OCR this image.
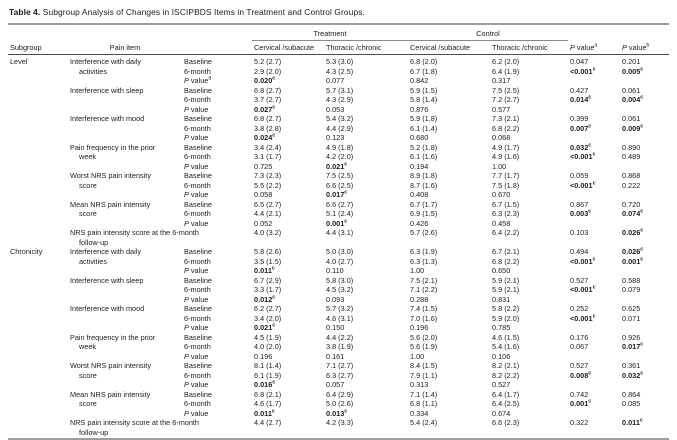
Table 4. Subgroup Analysis of Changes in ISCIPBDS Items in Treatment and Control Groups.
			Treatment		Control			
Subgroup	Pain item		Cervical /subacute	Thoracic /chronic	Cervical /subacute	Thoracic /chronic	P value$^a$	P value$^b$
Level	Interference with daily activities	Baseline	5.2 (2.7)	5.3 (3.0)	6.8 (2.0)	6.2 (2.0)	0.047	0.201
		6-month	2.9 (2.0)	4.3 (2.5)	6.7 (1.8)	6.4 (1.9)	<0.001$^c$	0.005$^c$
		P value$^d$	0.020$^c$	0.077	0.842	0.317		

	Interference with sleep	Baseline	6.8 (2.7)	5.7 (3.1)	5.9 (1.5)	7.5 (2.5)	0.427	0.061
		6-month	3.7 (2.7)	4.3 (2.9)	5.8 (1.4)	7.2 (2.7)	0.014$^c$	0.004$^c$
		P value	0.027$^c$	0.053	0.876	0.577		

	Interference with mood	Baseline	6.8 (2.7)	5.4 (3.2)	5.9 (1.8)	7.3 (2.1)	0.399	0.061
		6-month	3.8 (2.8)	4.4 (2.9)	6.1 (1.4)	6.8 (2.2)	0.007$^c$	0.009$^c$
		P value	0.024$^c$	0.123	0.680	0.068		

	Pain frequency in the prior week	Baseline	3.4 (2.4)	4.9 (1.8)	5.2 (1.8)	4.9 (1.7)	0.032$^c$	0.890
		6-month	3.1 (1.7)	4.2 (2.0)	6.1 (1.6)	4.9 (1.6)	<0.001$^c$	0.489
		P value	0.725	0.021$^c$	0.194	1.00		

	Worst NRS pain intensity score	Baseline	7.3 (2.3)	7.5 (2.5)	8.9 (1.8)	7.7 (1.7)	0.059	0.868
		6-month	5.5 (2.2)	6.6 (2.5)	8.7 (1.6)	7.5 (1.8)	<0.001$^c$	0.222
		P value	0.058	0.017$^c$	0.408	0.670		

	Mean NRS pain intensity score	Baseline	6.5 (2.7)	6.6 (2.7)	6.7 (1.7)	6.7 (1.5)	0.867	0.720
		6-month	4.4 (2.1)	5.1 (2.4)	6.9 (1.5)	6.3 (2.3)	0.003$^c$	0.074$^c$
		P value	0.052	0.001$^c$	0.426	0.458		

	NRS pain intensity score at the 6-month follow-up		4.0 (3.2)	4.4 (3.1)	5.7 (2.6)	6.4 (2.2)	0.103	0.026$^c$
Chronicity	Interference with daily activities	Baseline	5.8 (2.6)	5.0 (3.0)	6.3 (1.9)	6.7 (2.1)	0.494	0.026$^c$
		6-month	3.5 (1.5)	4.0 (2.7)	6.3 (1.3)	6.8 (2.2)	<0.001$^c$	0.001$^c$
		P value	0.011$^c$	0.110	1.00	0.650		

	Interference with sleep	Baseline	6.7 (2.9)	5.8 (3.0)	7.5 (2.1)	5.9 (2.1)	0.527	0.588
		6-month	3.3 (1.7)	4.5 (3.2)	7.1 (2.2)	5.9 (2.1)	<0.001$^c$	0.079
		P value	0.012$^c$	0.093	0.288	0.831		

	Interference with mood	Baseline	6.2 (2.7)	5.7 (3.2)	7.4 (1.5)	5.8 (2.2)	0.252	0.625
		6-month	3.4 (2.0)	4.6 (3.1)	7.0 (1.6)	5.9 (2.0)	<0.001$^c$	0.071
		P value	0.021$^c$	0.150	0.196	0.785		

	Pain frequency in the prior week	Baseline	4.5 (1.9)	4.4 (2.2)	5.6 (2.0)	4.6 (1.5)	0.176	0.926
		6-month	4.0 (2.0)	3.8 (1.9)	5.6 (1.9)	5.4 (1.6)	0.067	0.017$^c$
		P value	0.196	0.161	1.00	0.106		

	Worst NRS pain intensity score	Baseline	8.1 (1.4)	7.1 (2.7)	8.4 (1.5)	8.2 (2.1)	0.527	0.361
		6-month	6.1 (1.9)	6.3 (2.7)	7.9 (1.1)	8.2 (2.2)	0.008$^c$	0.032$^c$
		P value	0.016$^c$	0.057	0.313	0.527		

	Mean NRS pain intensity score	Baseline	6.8 (2.1)	6.4 (2.9)	7.1 (1.4)	6.4 (1.7)	0.742	0.864
		6-month	4.6 (1.7)	5.0 (2.6)	6.8 (1.1)	6.4 (2.5)	0.001$^c$	0.085
		P value	0.011$^c$	0.013$^c$	0.334	0.674		

	NRS pain intensity score at the 6-month follow-up		4.4 (2.7)	4.2 (3.3)	5.4 (2.4)	6.6 (2.3)	0.322	0.011$^c$
